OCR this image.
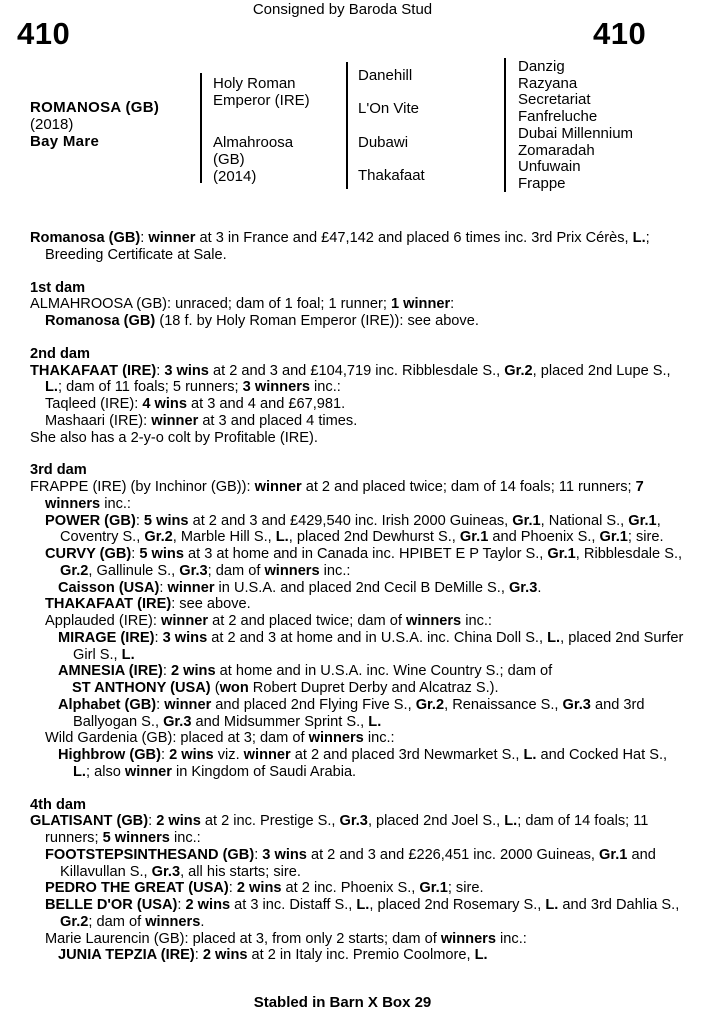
Consigned by Baroda Stud
410	410
ROMANOSA (GB)
(2018)
Bay Mare
Holy Roman Emperor (IRE)
Almahroosa
(GB)
(2014)
Danehill
L'On Vite
Dubawi
Thakafaat
Danzig
Razyana
Secretariat
Fanfreluche
Dubai Millennium
Zomaradah
Unfuwain
Frappe

Romanosa (GB): winner at 3 in France and £47,142 and placed 6 times inc. 3rd Prix Cérès, L.; Breeding Certificate at Sale.

1st dam

ALMAHROOSA (GB): unraced; dam of 1 foal; 1 runner; 1 winner:

Romanosa (GB) (18 f. by Holy Roman Emperor (IRE)): see above.

2nd dam

THAKAFAAT (IRE): 3 wins at 2 and 3 and £104,719 inc. Ribblesdale S., Gr.2, placed 2nd Lupe S., L.; dam of 11 foals; 5 runners; 3 winners inc.:

Taqleed (IRE): 4 wins at 3 and 4 and £67,981.

Mashaari (IRE): winner at 3 and placed 4 times.

She also has a 2-y-o colt by Profitable (IRE).

3rd dam

FRAPPE (IRE) (by Inchinor (GB)): winner at 2 and placed twice; dam of 14 foals; 11 runners; 7 winners inc.:

POWER (GB): 5 wins at 2 and 3 and £429,540 inc. Irish 2000 Guineas, Gr.1, National S., Gr.1, Coventry S., Gr.2, Marble Hill S., L., placed 2nd Dewhurst S., Gr.1 and Phoenix S., Gr.1; sire.

CURVY (GB): 5 wins at 3 at home and in Canada inc. HPIBET E P Taylor S., Gr.1, Ribblesdale S., Gr.2, Gallinule S., Gr.3; dam of winners inc.:

Caisson (USA): winner in U.S.A. and placed 2nd Cecil B DeMille S., Gr.3.

THAKAFAAT (IRE): see above.

Applauded (IRE): winner at 2 and placed twice; dam of winners inc.:

MIRAGE (IRE): 3 wins at 2 and 3 at home and in U.S.A. inc. China Doll S., L., placed 2nd Surfer Girl S., L.

AMNESIA (IRE): 2 wins at home and in U.S.A. inc. Wine Country S.; dam of

ST ANTHONY (USA) (won Robert Dupret Derby and Alcatraz S.).

Alphabet (GB): winner and placed 2nd Flying Five S., Gr.2, Renaissance S., Gr.3 and 3rd Ballyogan S., Gr.3 and Midsummer Sprint S., L.

Wild Gardenia (GB): placed at 3; dam of winners inc.:

Highbrow (GB): 2 wins viz. winner at 2 and placed 3rd Newmarket S., L. and Cocked Hat S., L.; also winner in Kingdom of Saudi Arabia.

4th dam

GLATISANT (GB): 2 wins at 2 inc. Prestige S., Gr.3, placed 2nd Joel S., L.; dam of 14 foals; 11 runners; 5 winners inc.:

FOOTSTEPSINTHESAND (GB): 3 wins at 2 and 3 and £226,451 inc. 2000 Guineas, Gr.1 and Killavullan S., Gr.3, all his starts; sire.

PEDRO THE GREAT (USA): 2 wins at 2 inc. Phoenix S., Gr.1; sire.

BELLE D'OR (USA): 2 wins at 3 inc. Distaff S., L., placed 2nd Rosemary S., L. and 3rd Dahlia S., Gr.2; dam of winners.

Marie Laurencin (GB): placed at 3, from only 2 starts; dam of winners inc.:

JUNIA TEPZIA (IRE): 2 wins at 2 in Italy inc. Premio Coolmore, L.

Stabled in Barn X Box 29
